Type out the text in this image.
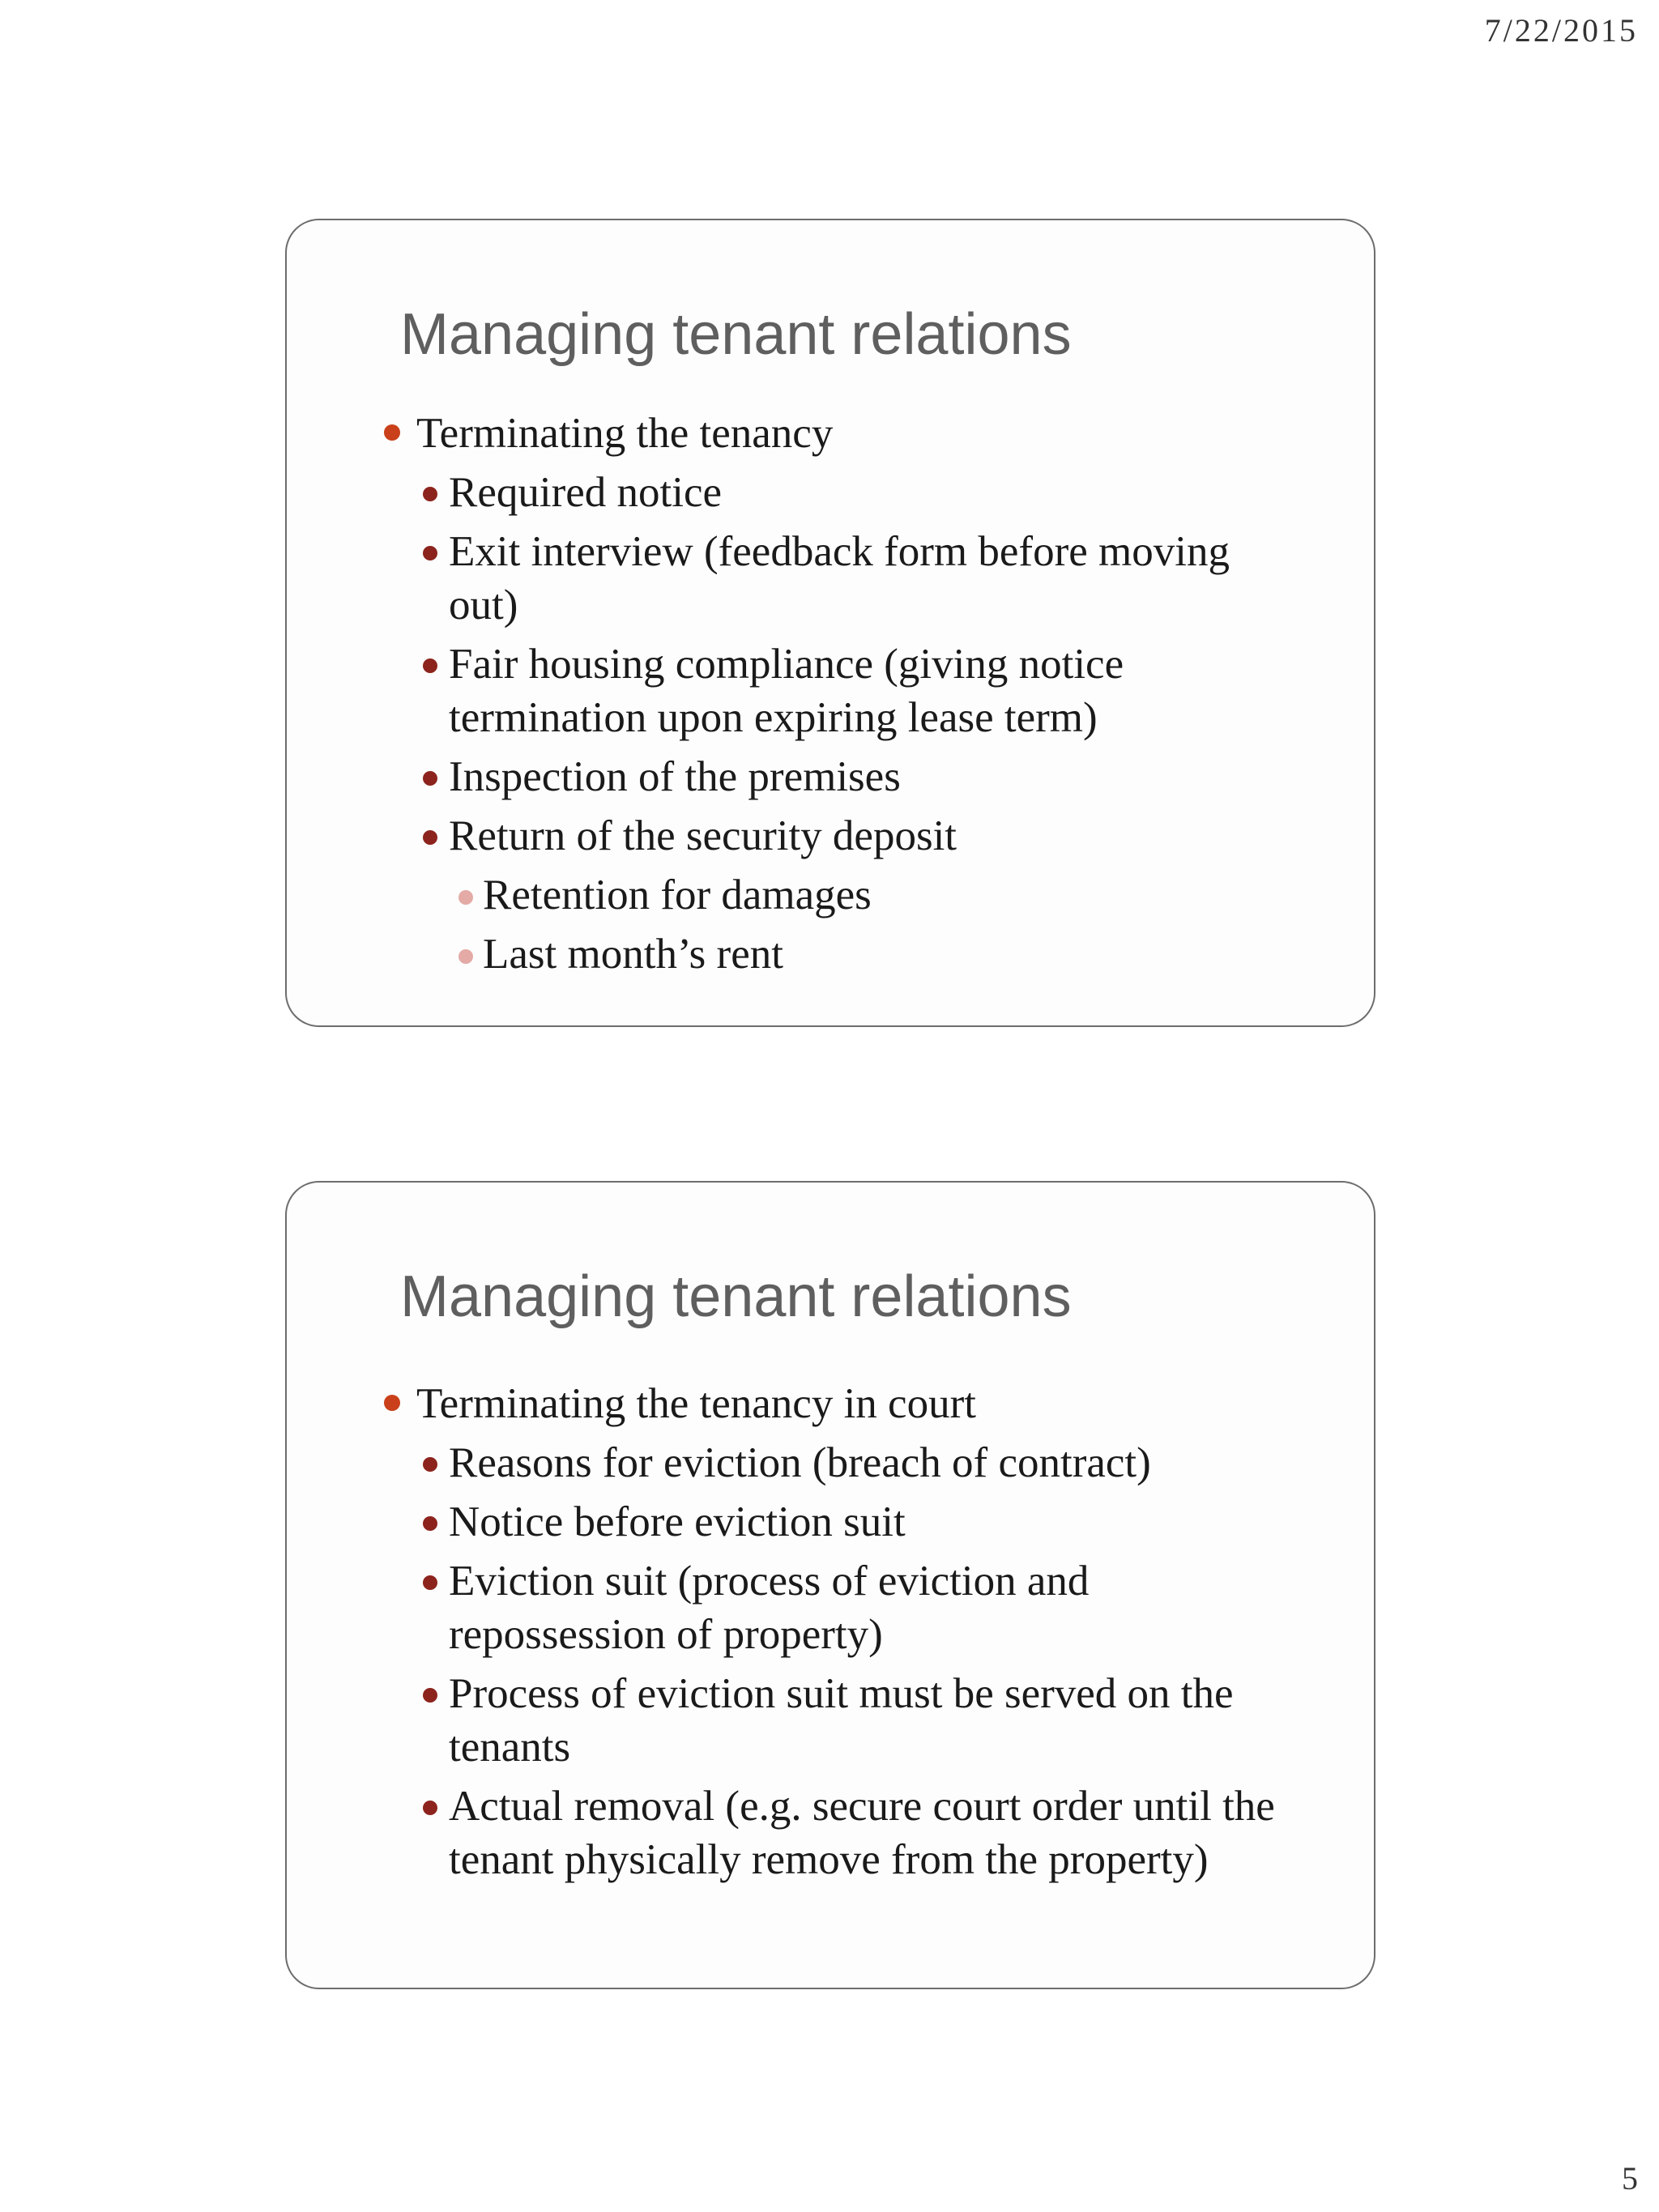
7/22/2015
Managing tenant relations
Terminating the tenancy
Required notice
Exit interview (feedback form before moving out)
Fair housing compliance (giving notice termination upon expiring lease term)
Inspection of the premises
Return of the security deposit
Retention for damages
Last month’s rent
Managing tenant relations
Terminating the tenancy in court
Reasons for eviction (breach of contract)
Notice before eviction suit
Eviction suit (process of eviction and repossession of property)
Process of eviction suit must be served on the tenants
Actual removal (e.g. secure court order until the tenant physically remove from the property)
5
